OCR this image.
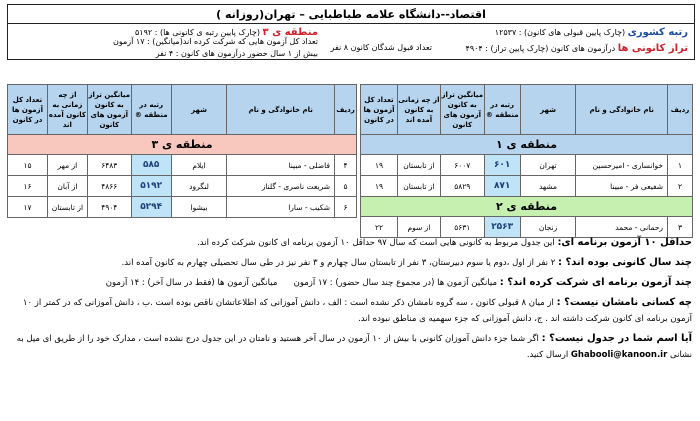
اقتصاد--دانشگاه علامه طباطبایی – تهران(روزانه )
رتبه کشوری (چارک پایین قبولی های کانون) : ۱۲۵۳۷
منطقه ی ۳ (چارک پایین رتبه ی کانونی ها) : ۵۱۹۲
تراز کانونی ها درآزمون های کانون (چارک پایین تراز) : ۴۹۰۴
تعداد قبول شدگان کانون ۸ نفر
تعداد کل آزمون هایی که شرکت کرده اند(میانگین) : ۱۷ آزمون
بیش از ۱ سال حضور درآزمون های کانون : ۴ نفر
ردیف	نام خانوادگی و نام	شهر	رتبه در منطقه ®	میانگین تراز به کانون آزمون های کانون	از چه زمانی به کانون آمده اند	تعداد کل آزمون ها در کانون
منطقه ی ۱						
۱	خوانساری - امیرحسین	تهران	۶۰۱	۶۰۰۷	از تابستان	۱۹
۲	شفیعی فر - مبینا	مشهد	۸۷۱	۵۸۲۹	از تابستان	۱۹
منطقه ی ۲						
۳	رحمانی - محمد	زنجان	۲۵۶۳	۵۶۳۱	از سوم	۲۲
ردیف	نام خانوادگی و نام	شهر	رتبه در منطقه ®	میانگین تراز به کانون آزمون های کانون	از چه زمانی به کانون آمده اند	تعداد کل آزمون ها در کانون
منطقه ی ۳						
۴	فاضلی - مبینا	ایلام	۵۸۵	۶۴۸۳	از مهر	۱۵
۵	شریعت ناصری - گلناز	لنگرود	۵۱۹۲	۴۸۶۶	از آبان	۱۶
۶	شکیب - سارا	بیشوا	۵۲۹۴	۴۹۰۴	از تابستان	۱۷

حداقل ۱۰ آزمون برنامه ای: این جدول مربوط به کانونی هایی است که سال ۹۷ حداقل ۱۰ آزمون برنامه ای کانون شرکت کرده اند.

چند سال کانونی بوده اند؟ : ۲ نفر از اول ،دوم یا سوم دبیرستان، ۳ نفر از تابستان سال چهارم و ۳ نفر نیز در طی سال تحصیلی چهارم به کانون آمده اند.

چند آزمون برنامه ای شرکت کرده اند؟ : میانگین آزمون ها (در مجموع چند سال حضور) : ۱۷ آزمون      میانگین آزمون ها (فقط در سال آخر) : ۱۴ آزمون

چه کسانی نامشان نیست؟ : از میان ۸ قبولی کانون ، سه گروه نامشان ذکر نشده است : الف ، دانش آموزانی که اطلاعاتشان ناقص بوده است .ب ، دانش آموزانی که در کمتر از ۱۰ آزمون برنامه ای کانون شرکت داشته اند . ج، دانش آموزانی که جزء سهمیه ی مناطق نبوده اند.

آیا اسم شما در جدول نیست؟ : اگر شما جزء دانش آموزان کانونی با بیش از ۱۰ آزمون در سال آخر هستید و نامتان در این جدول درج نشده است ، مدارک خود را از طریق ای میل به نشانی Ghabooli@kanoon.ir ارسال کنید.
